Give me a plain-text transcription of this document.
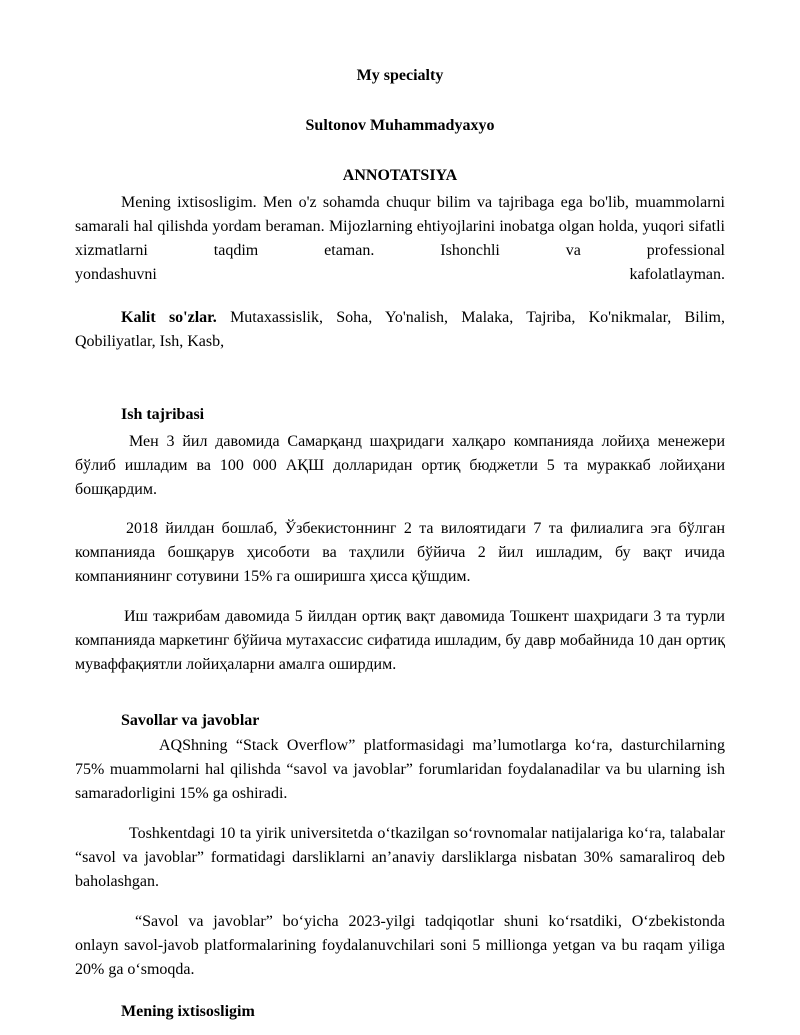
My specialty
Sultonov Muhammadyaxyo
ANNOTATSIYA
Mening ixtisosligim. Men o'z sohamda chuqur bilim va tajribaga ega bo'lib, muammolarni samarali hal qilishda yordam beraman. Mijozlarning ehtiyojlarini inobatga olgan holda, yuqori sifatli xizmatlarni taqdim etaman. Ishonchli va professional
yondashuvni	kafolatlayman.
Kalit so'zlar. Mutaxassislik, Soha, Yo'nalish, Malaka, Tajriba, Ko'nikmalar, Bilim, Qobiliyatlar, Ish, Kasb,
Ish tajribasi
Мен 3 йил давомида Самарқанд шаҳридаги халқаро компанияда лойиҳа менежери бўлиб ишладим ва 100 000 АҚШ долларидан ортиқ бюджетли 5 та мураккаб лойиҳани бошқардим.
2018 йилдан бошлаб, Ўзбекистоннинг 2 та вилоятидаги 7 та филиалига эга бўлган компанияда бошқарув ҳисоботи ва таҳлили бўйича 2 йил ишладим, бу вақт ичида компаниянинг сотувини 15% га оширишга ҳисса қўшдим.
Иш тажрибам давомида 5 йилдан ортиқ вақт давомида Тошкент шаҳридаги 3 та турли компанияда маркетинг бўйича мутахассис сифатида ишладим, бу давр мобайнида 10 дан ортиқ муваффақиятли лойиҳаларни амалга оширдим.
Savollar va javoblar
AQShning “Stack Overflow” platformasidagi ma’lumotlarga ko‘ra, dasturchilarning 75% muammolarni hal qilishda “savol va javoblar” forumlaridan foydalanadilar va bu ularning ish samaradorligini 15% ga oshiradi.
Toshkentdagi 10 ta yirik universitetda o‘tkazilgan so‘rovnomalar natijalariga ko‘ra, talabalar “savol va javoblar” formatidagi darsliklarni an’anaviy darsliklarga nisbatan 30% samaraliroq deb baholashgan.
“Savol va javoblar” bo‘yicha 2023-yilgi tadqiqotlar shuni ko‘rsatdiki, O‘zbekistonda onlayn savol-javob platformalarining foydalanuvchilari soni 5 millionga yetgan va bu raqam yiliga 20% ga o‘smoqda.
Mening ixtisosligim
